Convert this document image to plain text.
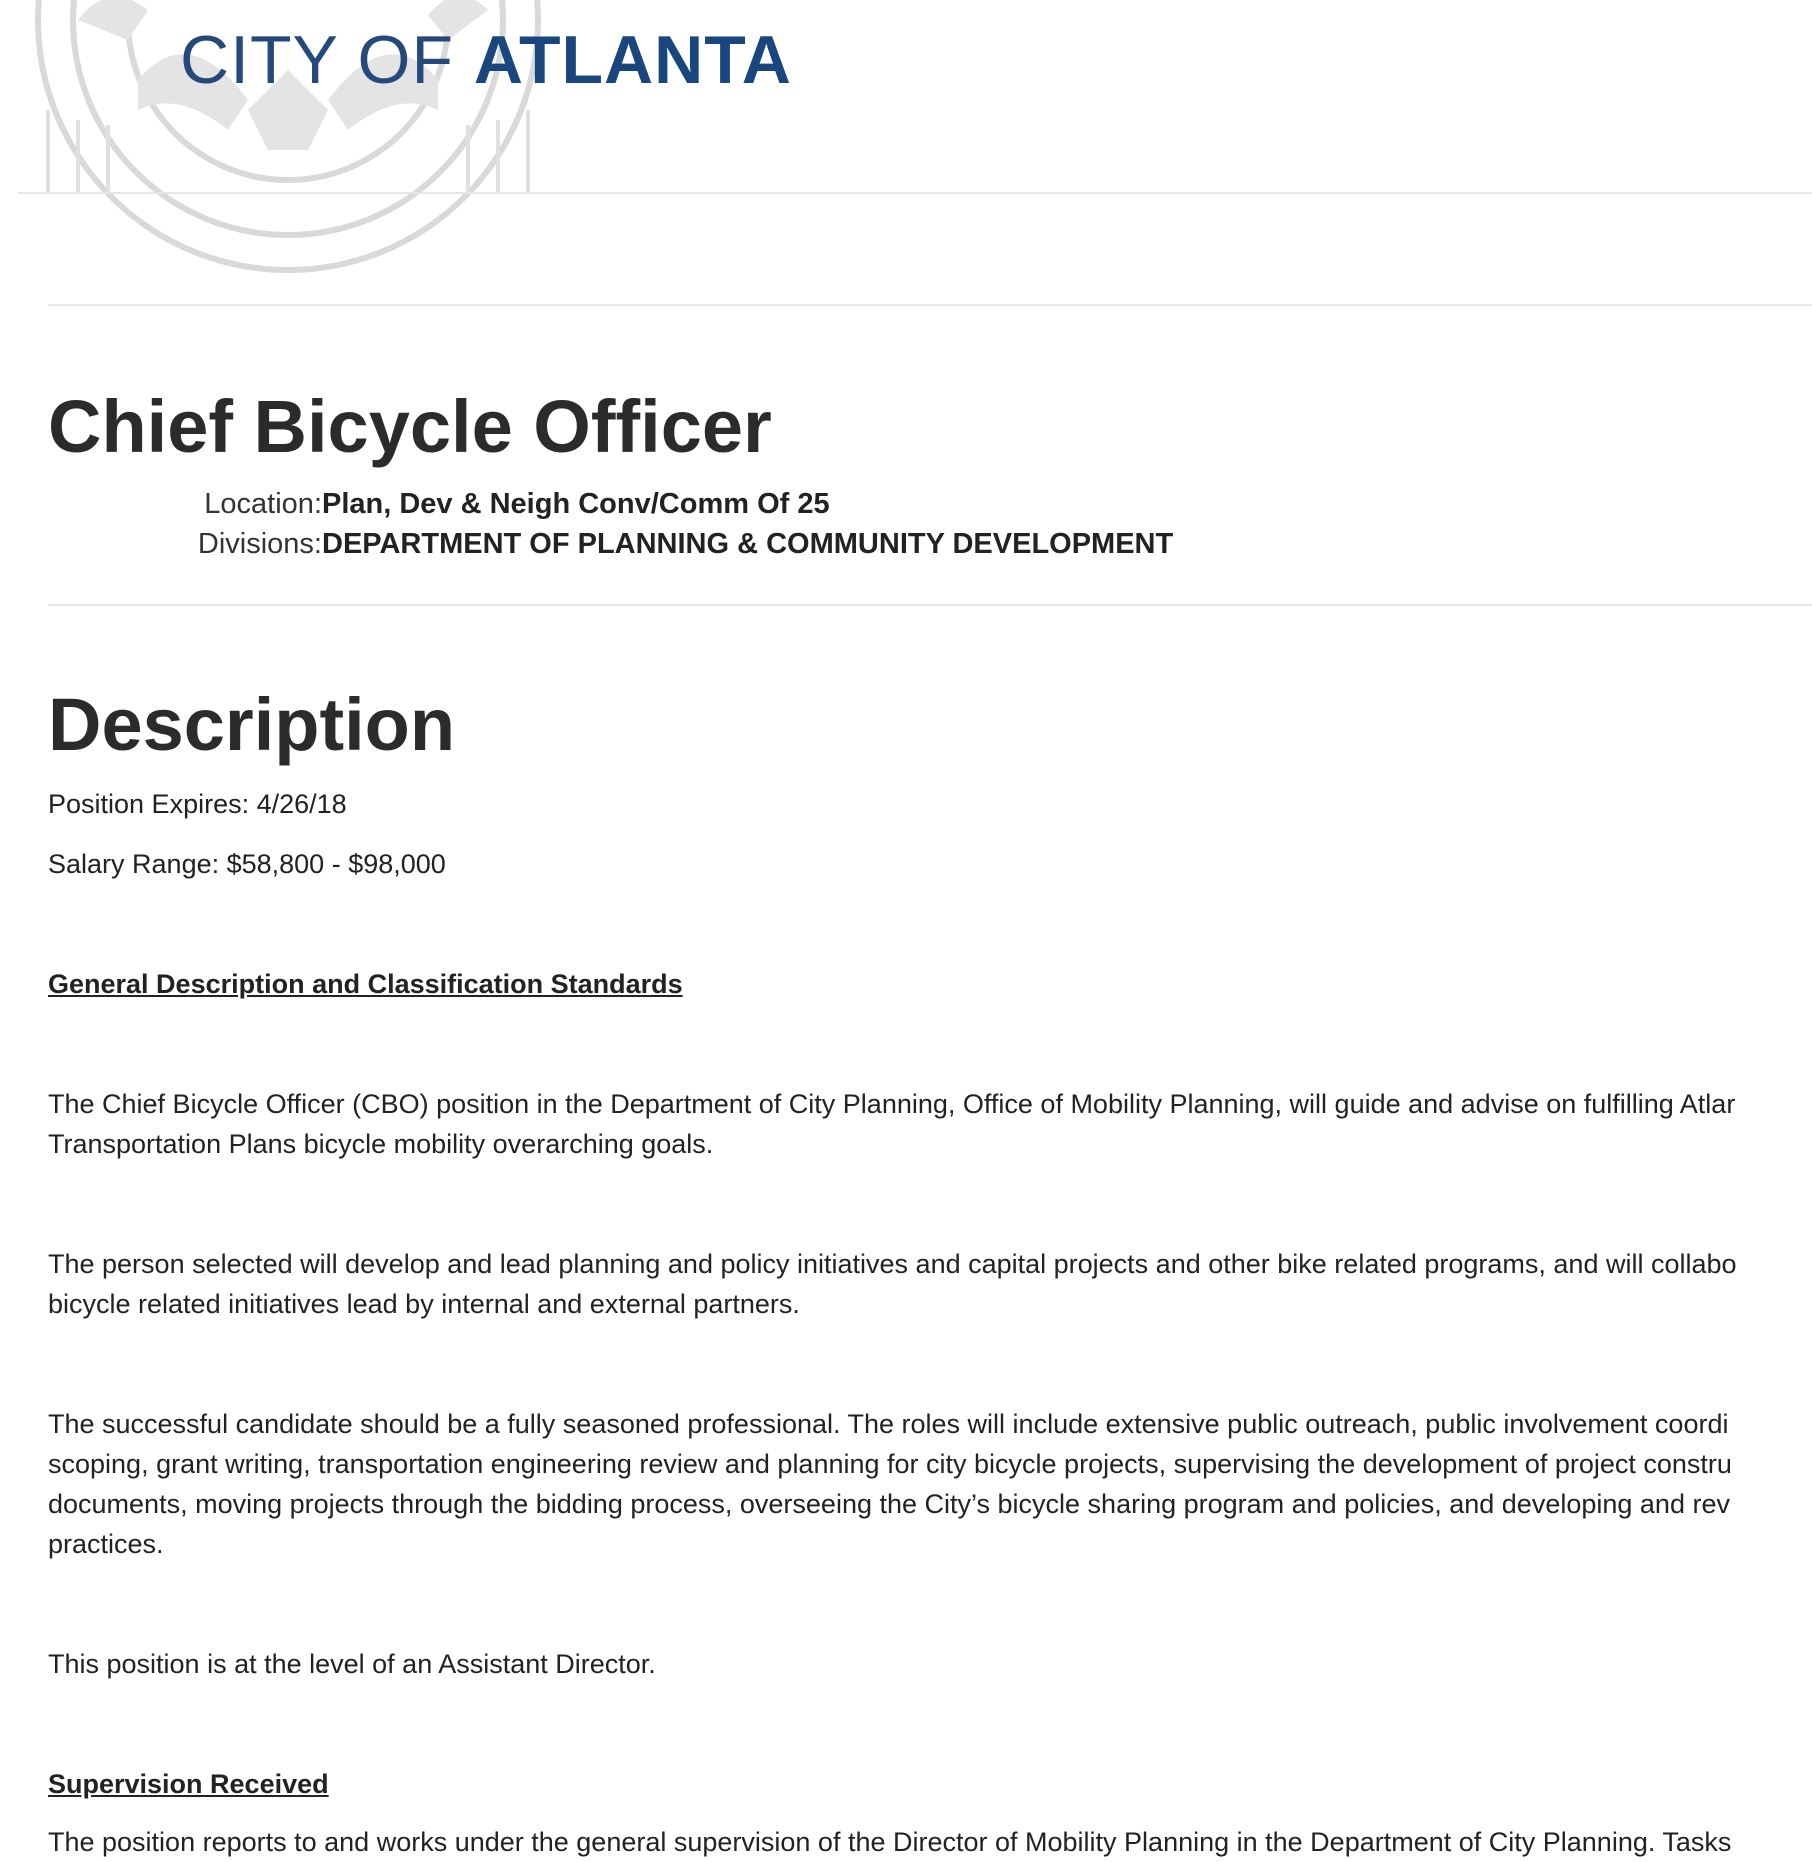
CITY OF ATLANTA
Chief Bicycle Officer
Location:Plan, Dev & Neigh Conv/Comm Of 25
Divisions:DEPARTMENT OF PLANNING & COMMUNITY DEVELOPMENT
Description
Position Expires: 4/26/18
Salary Range: $58,800 - $98,000
General Description and Classification Standards
The Chief Bicycle Officer (CBO) position in the Department of City Planning, Office of Mobility Planning, will guide and advise on fulfilling Atlar
Transportation Plans bicycle mobility overarching goals.
The person selected will develop and lead planning and policy initiatives and capital projects and other bike related programs, and will collabo
bicycle related initiatives lead by internal and external partners.
The successful candidate should be a fully seasoned professional. The roles will include extensive public outreach, public involvement coordi
scoping, grant writing, transportation engineering review and planning for city bicycle projects, supervising the development of project constru
documents, moving projects through the bidding process, overseeing the City’s bicycle sharing program and policies, and developing and rev
practices.
This position is at the level of an Assistant Director.
Supervision Received
The position reports to and works under the general supervision of the Director of Mobility Planning in the Department of City Planning. Tasks
